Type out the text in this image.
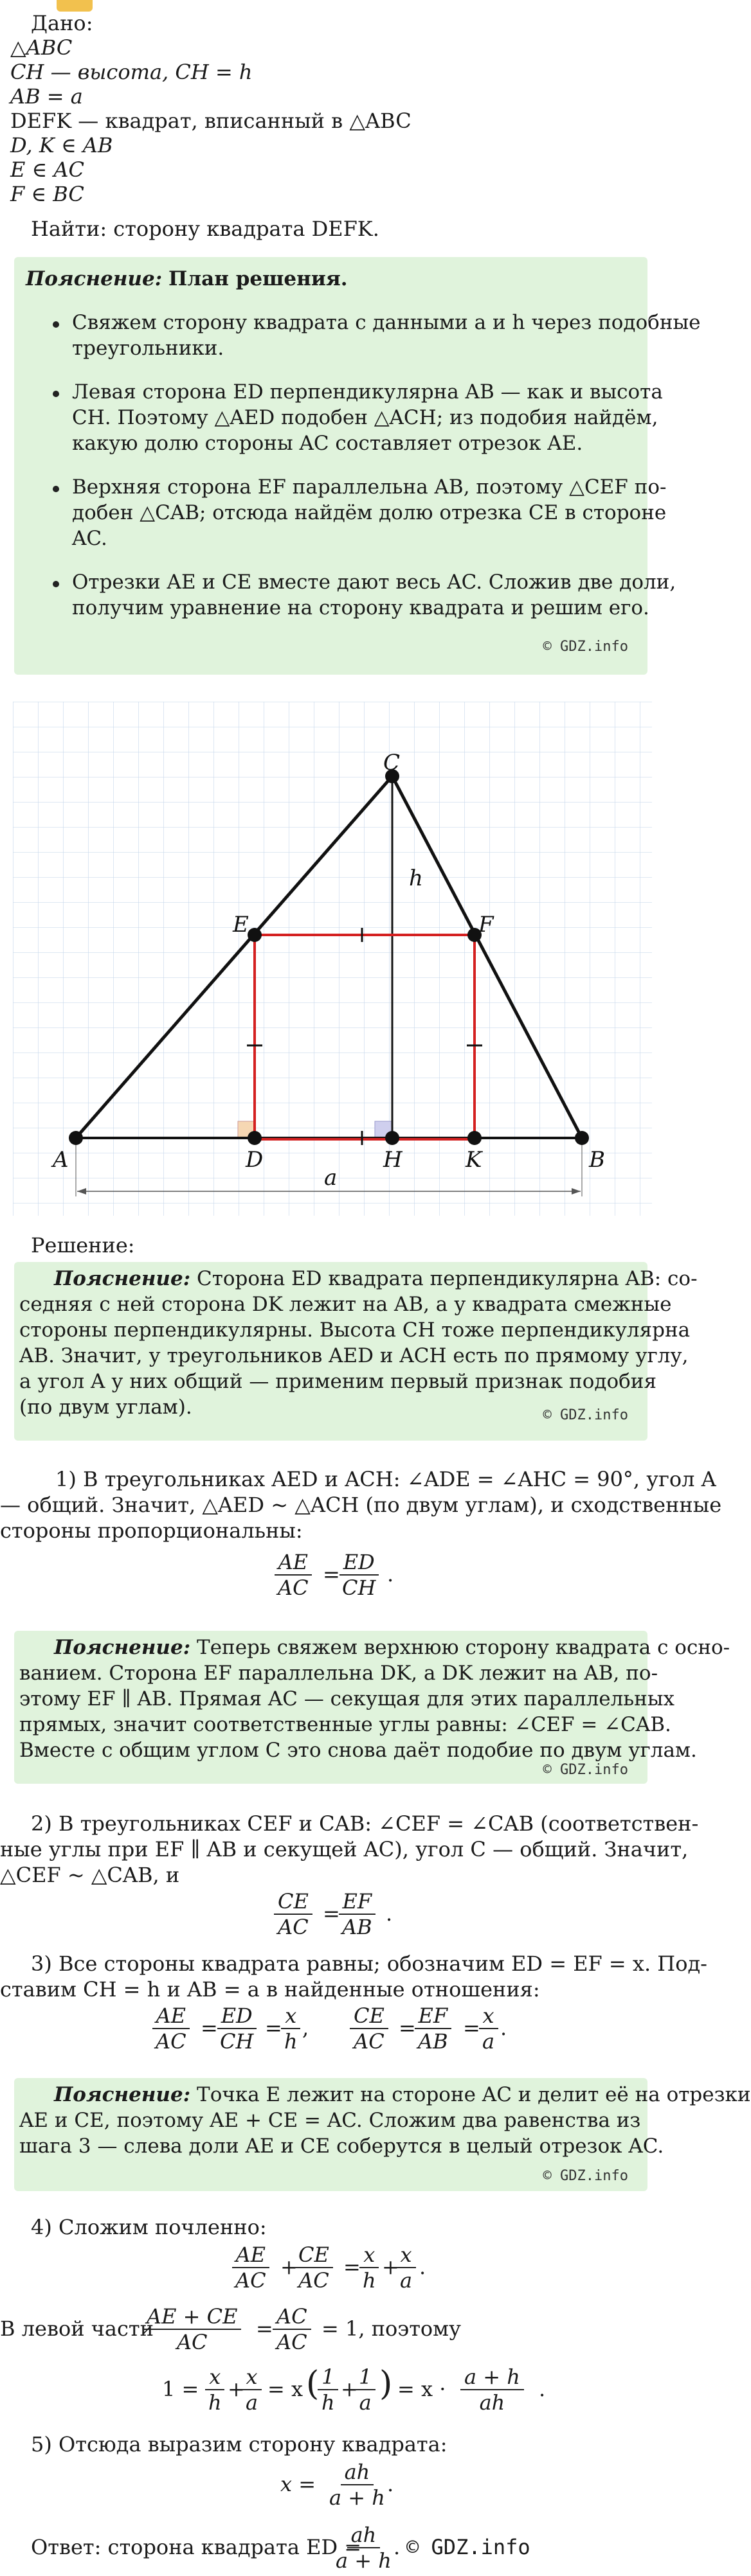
Дано:
△ABC
CH — высота, CH = h
AB = a
DEFK — квадрат, вписанный в △ABC
D, K ∈ AB
E ∈ AC
F ∈ BC
Найти: сторону квадрата DEFK.
Пояснение: План решения.
Свяжем сторону квадрата с данными a и h через подобные
треугольники.
Левая сторона ED перпендикулярна AB — как и высота
CH. Поэтому △AED подобен △ACH; из подобия найдём,
какую долю стороны AC составляет отрезок AE.
Верхняя сторона EF параллельна AB, поэтому △CEF по-
добен △CAB; отсюда найдём долю отрезка CE в стороне
AC.
Отрезки AE и CE вместе дают весь AC. Сложив две доли,
получим уравнение на сторону квадрата и решим его.
© GDZ.info
A	B
C
D
E	F
H	K
h
a
Решение:
Пояснение: Сторона ED квадрата перпендикулярна AB: со-
седняя с ней сторона DK лежит на AB, а у квадрата смежные
стороны перпендикулярны. Высота CH тоже перпендикулярна
AB. Значит, у треугольников AED и ACH есть по прямому углу,
а угол A у них общий — применим первый признак подобия
(по двум углам).	© GDZ.info
1) В треугольниках AED и ACH: ∠ADE = ∠AHC = 90°, угол A
— общий. Значит, △AED ~ △ACH (по двум углам), и сходственные
стороны пропорциональны:
$\frac{AE}{AC}$ =
$\frac{ED}{CH}$ .
Пояснение: Теперь свяжем верхнюю сторону квадрата с осно-
ванием. Сторона EF параллельна DK, а DK лежит на AB, по-
этому EF ∥ AB. Прямая AC — секущая для этих параллельных
прямых, значит соответственные углы равны: ∠CEF = ∠CAB.
Вместе с общим углом C это снова даёт подобие по двум углам.
© GDZ.info
2) В треугольниках CEF и CAB: ∠CEF = ∠CAB (соответствен-
ные углы при EF ∥ AB и секущей AC), угол C — общий. Значит,
△CEF ~ △CAB, и
$\frac{CE}{AC}$ =
$\frac{EF}{AB}$ .
3) Все стороны квадрата равны; обозначим ED = EF = x. Под-
ставим CH = h и AB = a в найденные отношения:
$\frac{AE}{AC}$ =
$\frac{ED}{CH}$ =
$\frac{x}{h}$ , $\frac{CE}{AC}$ =
$\frac{EF}{AB}$ =
$\frac{x}{a}$ .
Пояснение: Точка E лежит на стороне AC и делит её на отрезки
AE и CE, поэтому AE + CE = AC. Сложим два равенства из
шага 3 — слева доли AE и CE соберутся в целый отрезок AC.
© GDZ.info
4) Сложим почленно:
$\frac{AE}{AC}$ +
$\frac{CE}{AC}$ =
$\frac{x}{h}$ +
$\frac{x}{a}$ .
В левой части
$\frac{AE + CE}{AC} = \frac{AC}{AC} = 1$, поэтому
$1 = \frac{x}{h}$ +
$\frac{x}{a} = x$ (
$\frac{1}{h}$ +
$\frac{1}{a}$ ) = $x \cdot \frac{a + h}{ah}$ .
5) Отсюда выразим сторону квадрата:
$x = \frac{ah}{a + h}$
.
Ответ: сторона квадрата ED =
$\frac{ah}{a + h}$
. © GDZ.info
